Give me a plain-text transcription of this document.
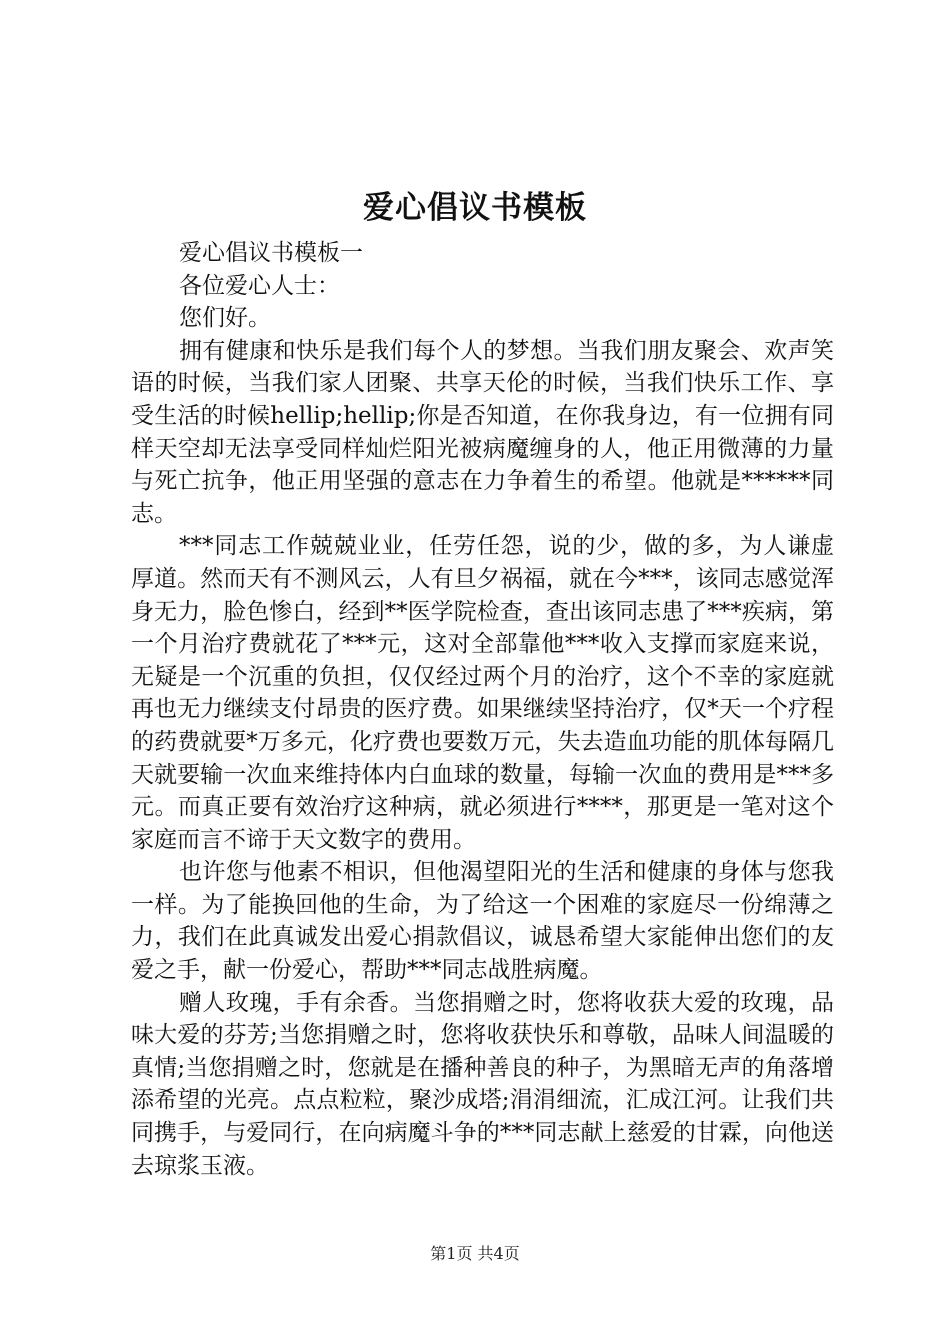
爱心倡议书模板

爱心倡议书模板一

各位爱心人士：

您们好。

拥有健康和快乐是我们每个人的梦想。当我们朋友聚会、欢声笑语的时候，当我们家人团聚、共享天伦的时候，当我们快乐工作、享受生活的时候hellip;hellip;你是否知道，在你我身边，有一位拥有同样天空却无法享受同样灿烂阳光被病魔缠身的人，他正用微薄的力量与死亡抗争，他正用坚强的意志在力争着生的希望。他就是******同志。

***同志工作兢兢业业，任劳任怨，说的少，做的多，为人谦虚厚道。然而天有不测风云，人有旦夕祸福，就在今***，该同志感觉浑身无力，脸色惨白，经到**医学院检查，查出该同志患了***疾病，第一个月治疗费就花了***元，这对全部靠他***收入支撑而家庭来说，无疑是一个沉重的负担，仅仅经过两个月的治疗，这个不幸的家庭就再也无力继续支付昂贵的医疗费。如果继续坚持治疗，仅*天一个疗程的药费就要*万多元，化疗费也要数万元，失去造血功能的肌体每隔几天就要输一次血来维持体内白血球的数量，每输一次血的费用是***多元。而真正要有效治疗这种病，就必须进行****，那更是一笔对这个家庭而言不谛于天文数字的费用。

也许您与他素不相识，但他渴望阳光的生活和健康的身体与您我一样。为了能换回他的生命，为了给这一个困难的家庭尽一份绵薄之力，我们在此真诚发出爱心捐款倡议，诚恳希望大家能伸出您们的友爱之手，献一份爱心，帮助***同志战胜病魔。

赠人玫瑰，手有余香。当您捐赠之时，您将收获大爱的玫瑰，品味大爱的芬芳;当您捐赠之时，您将收获快乐和尊敬，品味人间温暖的真情;当您捐赠之时，您就是在播种善良的种子，为黑暗无声的角落增添希望的光亮。点点粒粒，聚沙成塔;涓涓细流，汇成江河。让我们共同携手，与爱同行，在向病魔斗争的***同志献上慈爱的甘霖，向他送去琼浆玉液。

第1页 共4页
